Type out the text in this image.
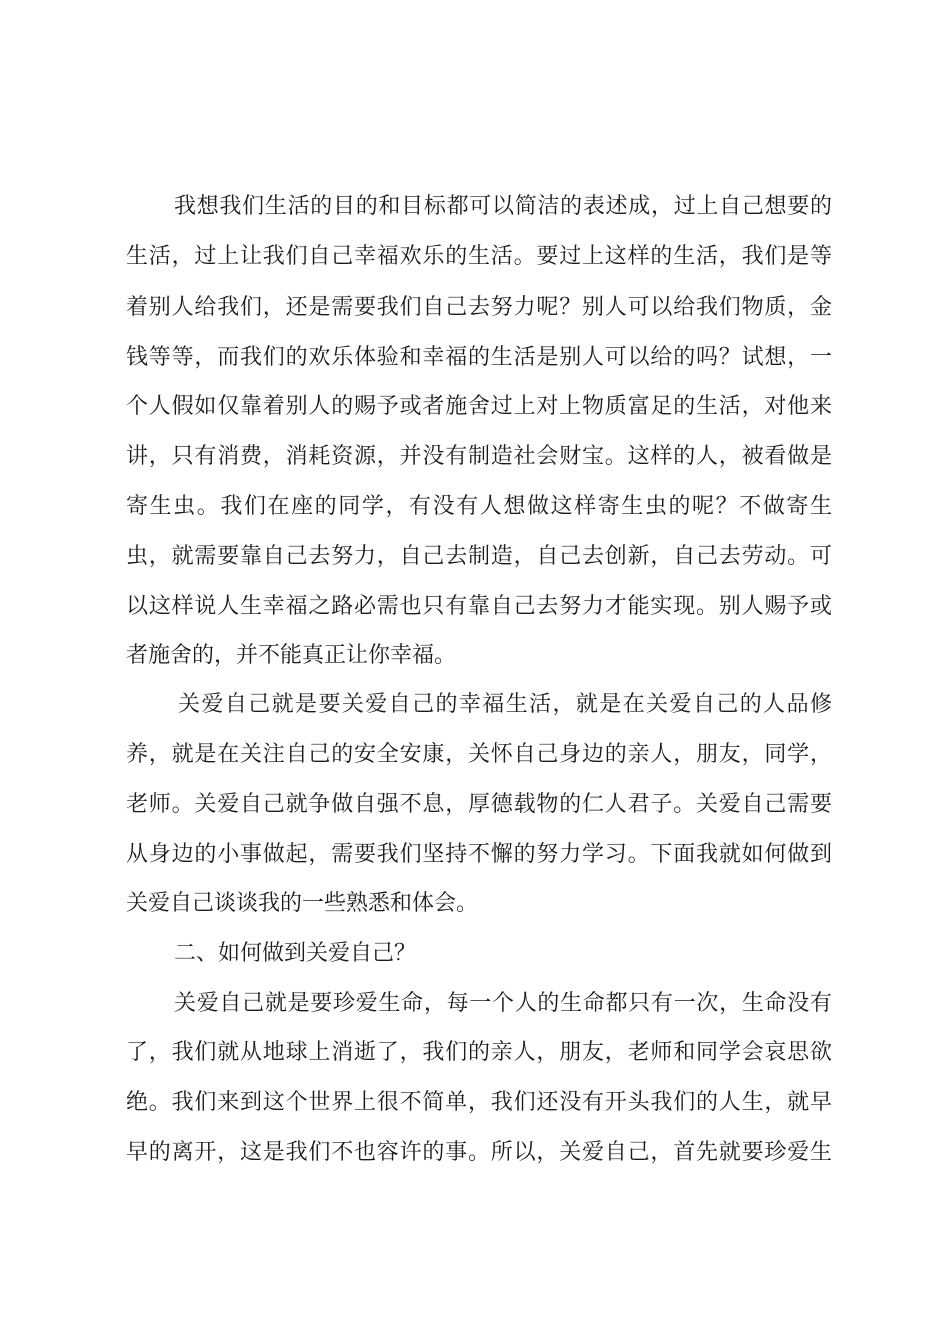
我想我们生活的目的和目标都可以简洁的表述成，过上自己想要的
生活，过上让我们自己幸福欢乐的生活。要过上这样的生活，我们是等
着别人给我们，还是需要我们自己去努力呢？别人可以给我们物质，金
钱等等，而我们的欢乐体验和幸福的生活是别人可以给的吗？试想，一
个人假如仅靠着别人的赐予或者施舍过上对上物质富足的生活，对他来
讲，只有消费，消耗资源，并没有制造社会财宝。这样的人，被看做是
寄生虫。我们在座的同学，有没有人想做这样寄生虫的呢？不做寄生
虫，就需要靠自己去努力，自己去制造，自己去创新，自己去劳动。可
以这样说人生幸福之路必需也只有靠自己去努力才能实现。别人赐予或
者施舍的，并不能真正让你幸福。
关爱自己就是要关爱自己的幸福生活，就是在关爱自己的人品修
养，就是在关注自己的安全安康，关怀自己身边的亲人，朋友，同学，
老师。关爱自己就争做自强不息，厚德载物的仁人君子。关爱自己需要
从身边的小事做起，需要我们坚持不懈的努力学习。下面我就如何做到
关爱自己谈谈我的一些熟悉和体会。
二、如何做到关爱自己？
关爱自己就是要珍爱生命，每一个人的生命都只有一次，生命没有
了，我们就从地球上消逝了，我们的亲人，朋友，老师和同学会哀思欲
绝。我们来到这个世界上很不简单，我们还没有开头我们的人生，就早
早的离开，这是我们不也容许的事。所以，关爱自己，首先就要珍爱生
